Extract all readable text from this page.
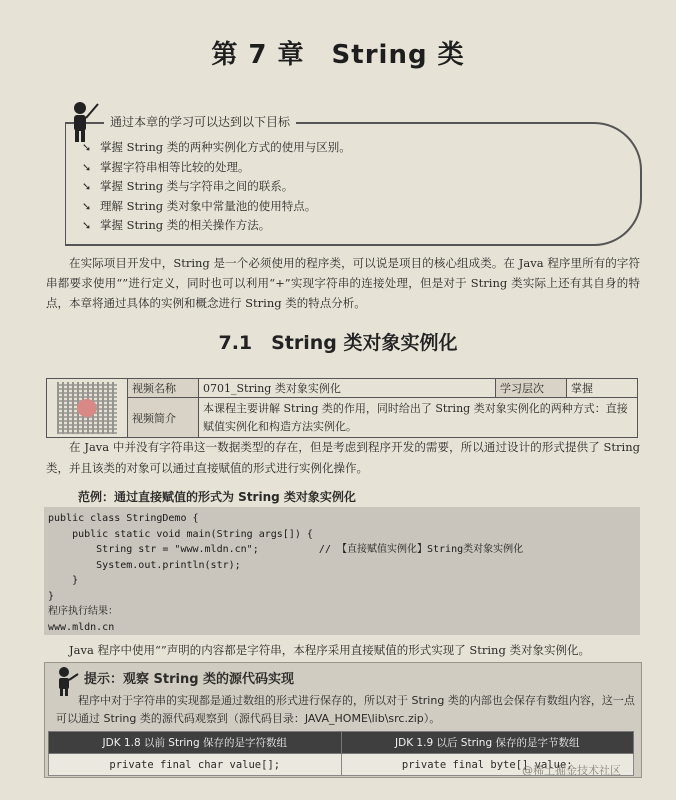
第 7 章　String 类
通过本章的学习可以达到以下目标
➘ 掌握 String 类的两种实例化方式的使用与区别。
➘ 掌握字符串相等比较的处理。
➘ 掌握 String 类与字符串之间的联系。
➘ 理解 String 类对象中常量池的使用特点。
➘ 掌握 String 类的相关操作方法。
在实际项目开发中，String 是一个必须使用的程序类，可以说是项目的核心组成类。在 Java 程序里所有的字符串都要求使用“”进行定义，同时也可以利用“+”实现字符串的连接处理，但是对于 String 类实际上还有其自身的特点，本章将通过具体的实例和概念进行 String 类的特点分析。
7.1　String 类对象实例化
	视频名称	0701_String 类对象实例化	学习层次	掌握
	视频简介	本课程主要讲解 String 类的作用，同时给出了 String 类对象实例化的两种方式：直接赋值实例化和构造方法实例化。		
在 Java 中并没有字符串这一数据类型的存在，但是考虑到程序开发的需要，所以通过设计的形式提供了 String 类，并且该类的对象可以通过直接赋值的形式进行实例化操作。
范例：通过直接赋值的形式为 String 类对象实例化
public class StringDemo {
public static void main(String args[]) {
String str = "www.mldn.cn";          // 【直接赋值实例化】String类对象实例化
System.out.println(str);
}
}
程序执行结果：
www.mldn.cn
Java 程序中使用“”声明的内容都是字符串，本程序采用直接赋值的形式实现了 String 类对象实例化。
提示：观察 String 类的源代码实现
程序中对于字符串的实现都是通过数组的形式进行保存的，所以对于 String 类的内部也会保存有数组内容，这一点可以通过 String 类的源代码观察到（源代码目录：JAVA_HOME\lib\src.zip）。
JDK 1.8 以前 String 保存的是字符数组	JDK 1.9 以后 String 保存的是字节数组
private final char value[];	private final byte[] value;
@稀土掘金技术社区
